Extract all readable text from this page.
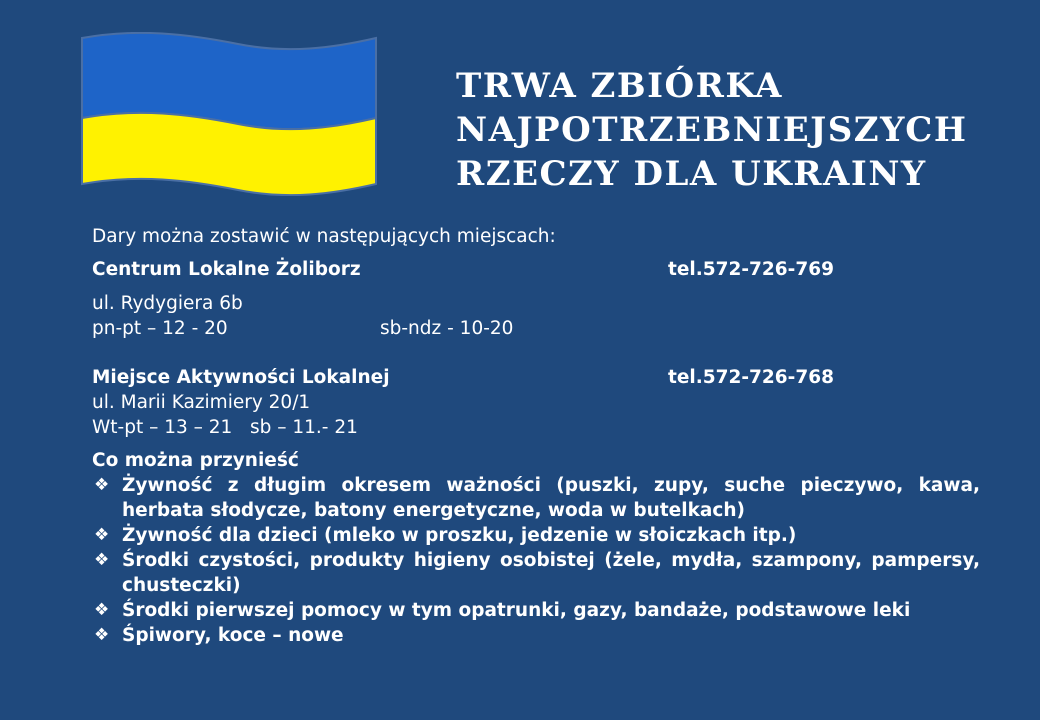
TRWA ZBIÓRKA
NAJPOTRZEBNIEJSZYCH
RZECZY DLA UKRAINY

Dary można zostawić w następujących miejscach:

Centrum Lokalne Żoliborz	tel.572-726-769
ul. Rydygiera 6b
pn-pt – 12 - 20	sb-ndz - 10-20
Miejsce Aktywności Lokalnej	tel.572-726-768
ul. Marii Kazimiery 20/1
Wt-pt – 13 – 21   sb – 11.- 21
Co można przynieść
❖ Żywność z długim okresem ważności (puszki, zupy, suche pieczywo, kawa, herbata słodycze, batony energetyczne, woda w butelkach)
❖ Żywność dla dzieci (mleko w proszku, jedzenie w słoiczkach itp.)
❖ Środki czystości, produkty higieny osobistej (żele, mydła, szampony, pampersy, chusteczki)
❖ Środki pierwszej pomocy w tym opatrunki, gazy, bandaże, podstawowe leki
❖ Śpiwory, koce – nowe
